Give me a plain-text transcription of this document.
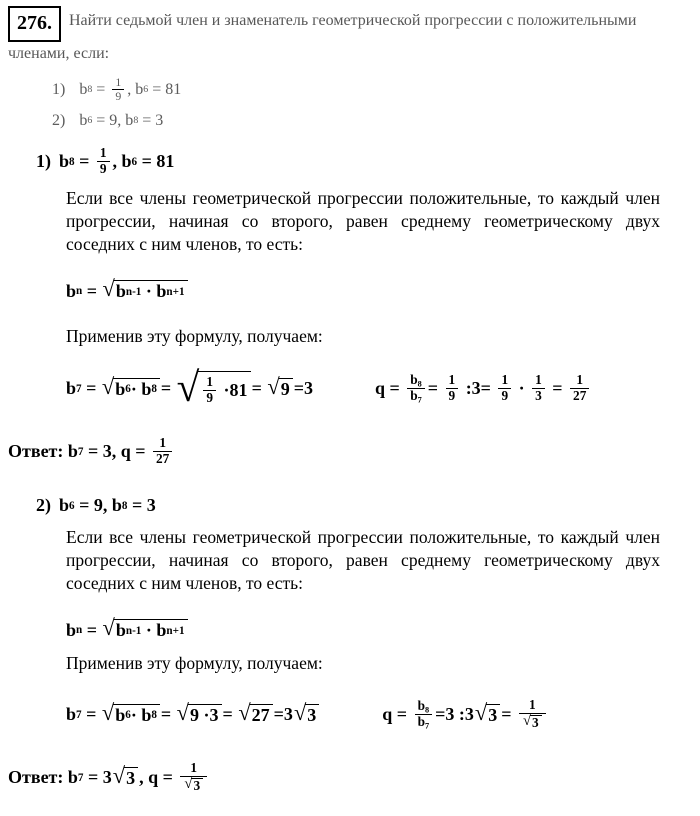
276. Найти седьмой член и знаменатель геометрической прогрессии с положительными членами, если:
1) b $8 = \frac{1}{9}$ , b 6 = 81
2) b 6 = 9, b 8 = 3
1) b $8 = \frac{1}{9}$ , b 6 = 81

Если все члены геометрической прогрессии положительные, то каждый член прогрессии, начиная со второго, равен среднему геометрическому двух соседних с ним членов, то есть:

b n = √ b n-1 · b n+1

Применив эту формулу, получаем:

b 7 = √ b 6 · b 8 = √ $\frac{1}{9} \cdot 81$ = √ 9 =3
	$q = \frac{b_8}{b_7} = \frac{1}{9}$ :3= $\frac{1}{9} \cdot \frac{1}{3} = \frac{1}{27}$

Ответ: b 7 = 3, $q = \frac{1}{27}$
2) b 6 = 9, b 8 = 3

Если все члены геометрической прогрессии положительные, то каждый член прогрессии, начиная со второго, равен среднему геометрическому двух соседних с ним членов, то есть:

b n = √ b n-1 · b n+1

Применив эту формулу, получаем:

b 7 = √ b 6 · b 8 = √ 9 ·3 = √ 27 =3 √ 3
	$q = \frac{b_8}{b_7} =3$ :3 √ $3 = \frac{1}{√ 3}$

Ответ: b 7 = 3 √ 3 , $q = \frac{1}{√ 3}$
